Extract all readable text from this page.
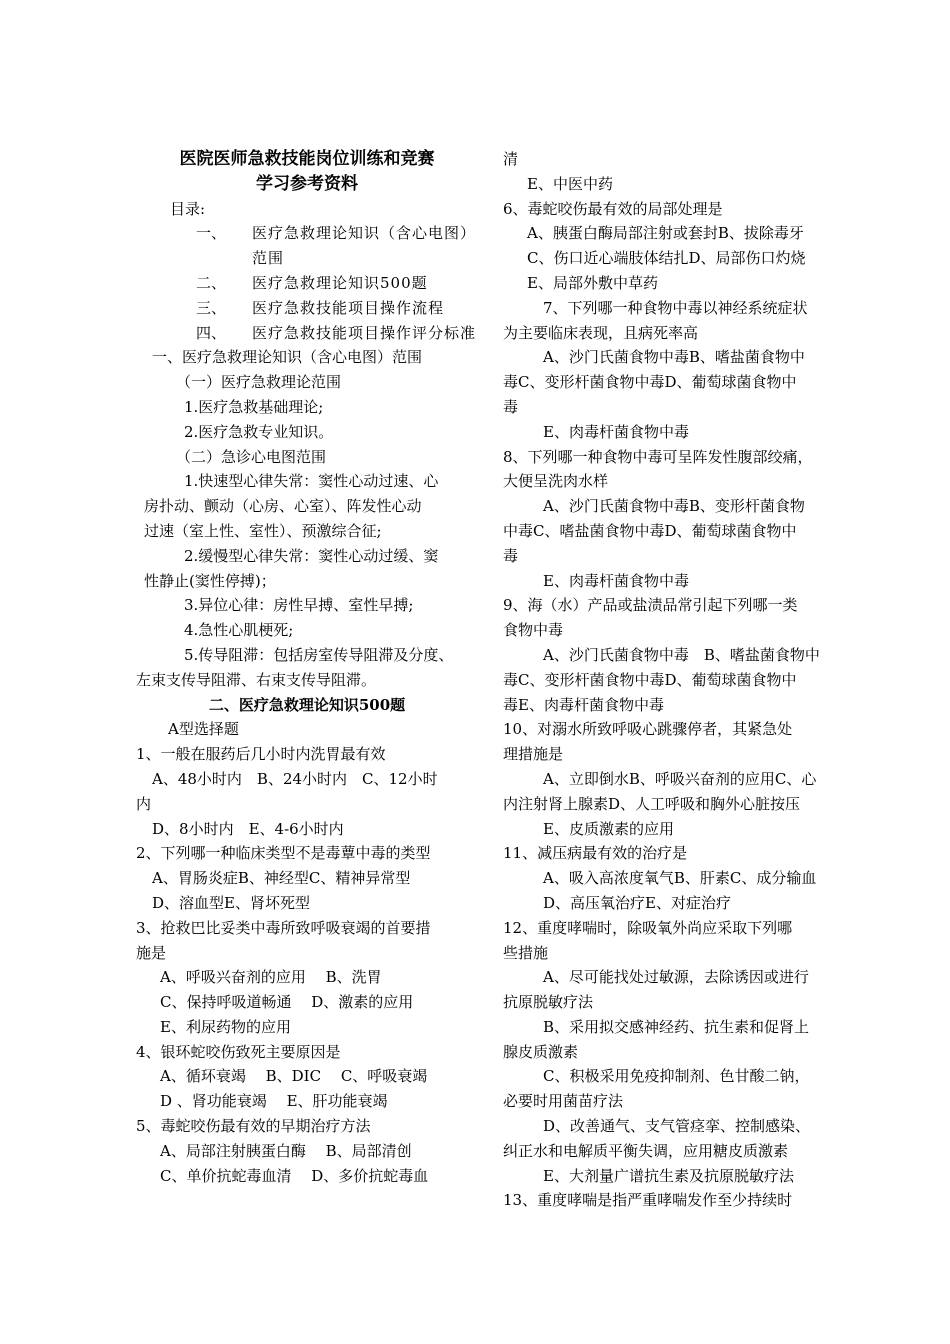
医院医师急救技能岗位训练和竞赛

学习参考资料

目录:

一、	医疗急救理论知识（含心电图）范围
二、	医疗急救理论知识500题
三、	医疗急救技能项目操作流程
四、	医疗急救技能项目操作评分标准

一、医疗急救理论知识（含心电图）范围

（一）医疗急救理论范围

1.医疗急救基础理论;

2.医疗急救专业知识。

（二）急诊心电图范围

1.快速型心律失常：窦性心动过速、心

房扑动、颤动（心房、心室）、阵发性心动

过速（室上性、室性）、预激综合征;

2.缓慢型心律失常：窦性心动过缓、窦

性静止(窦性停搏)；

3.异位心律：房性早搏、室性早搏;

4.急性心肌梗死;

5.传导阻滞：包括房室传导阻滞及分度、

左束支传导阻滞、右束支传导阻滞。

二、医疗急救理论知识500题

A型选择题

1、一般在服药后几小时内洗胃最有效

A、48小时内　B、24小时内　C、12小时

内

D、8小时内　E、4-6小时内

2、下列哪一种临床类型不是毒蕈中毒的类型

A、胃肠炎症B、神经型C、精神异常型

D、溶血型E、肾坏死型

3、抢救巴比妥类中毒所致呼吸衰竭的首要措

施是

A、呼吸兴奋剂的应用　 B、洗胃

C、保持呼吸道畅通　 D、激素的应用

E、利尿药物的应用

4、银环蛇咬伤致死主要原因是

A、循环衰竭　 B、DIC　 C、呼吸衰竭

D 、肾功能衰竭　 E、肝功能衰竭

5、毒蛇咬伤最有效的早期治疗方法

A、局部注射胰蛋白酶　 B、局部清创

C、单价抗蛇毒血清　 D、多价抗蛇毒血

清

E、中医中药

6、毒蛇咬伤最有效的局部处理是

A、胰蛋白酶局部注射或套封B、拔除毒牙

C、伤口近心端肢体结扎D、局部伤口灼烧

E、局部外敷中草药

7、下列哪一种食物中毒以神经系统症状

为主要临床表现，且病死率高

A、沙门氏菌食物中毒B、嗜盐菌食物中

毒C、变形杆菌食物中毒D、葡萄球菌食物中

毒

E、肉毒杆菌食物中毒

8、下列哪一种食物中毒可呈阵发性腹部绞痛，

大便呈洗肉水样

A、沙门氏菌食物中毒B、变形杆菌食物

中毒C、嗜盐菌食物中毒D、葡萄球菌食物中

毒

E、肉毒杆菌食物中毒

9、海（水）产品或盐渍品常引起下列哪一类

食物中毒

A、沙门氏菌食物中毒　B、嗜盐菌食物中

毒C、变形杆菌食物中毒D、葡萄球菌食物中

毒E、肉毒杆菌食物中毒

10、对溺水所致呼吸心跳骤停者，其紧急处

理措施是

A、立即倒水B、呼吸兴奋剂的应用C、心

内注射肾上腺素D、人工呼吸和胸外心脏按压

E、皮质激素的应用

11、减压病最有效的治疗是

A、吸入高浓度氧气B、肝素C、成分输血

D、高压氧治疗E、对症治疗

12、重度哮喘时，除吸氧外尚应采取下列哪

些措施

A、尽可能找处过敏源，去除诱因或进行

抗原脱敏疗法

B、采用拟交感神经药、抗生素和促肾上

腺皮质激素

C、积极采用免疫抑制剂、色甘酸二钠，

必要时用菌苗疗法

D、改善通气、支气管痉挛、控制感染、

纠正水和电解质平衡失调，应用糖皮质激素

E、大剂量广谱抗生素及抗原脱敏疗法

13、重度哮喘是指严重哮喘发作至少持续时
